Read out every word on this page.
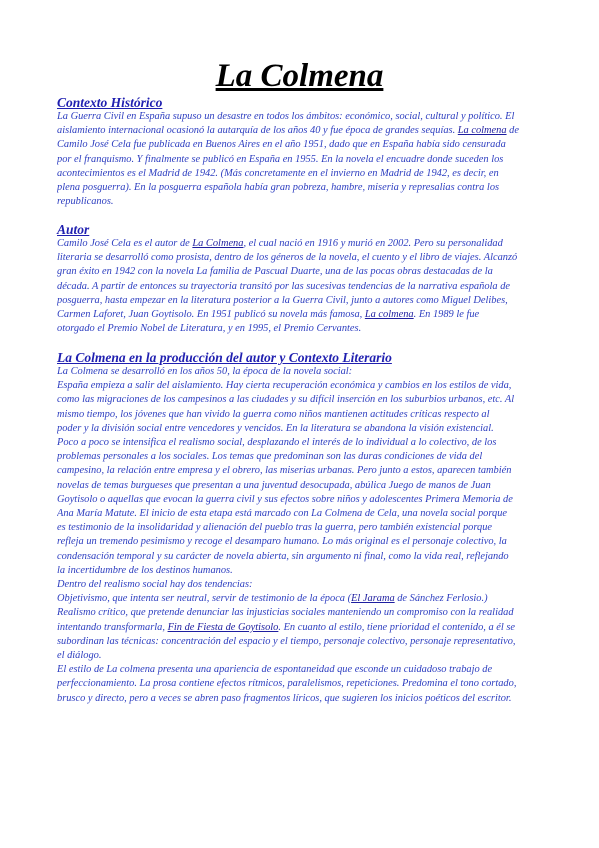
La Colmena
Contexto Histórico
La Guerra Civil en España supuso un desastre en todos los ámbitos: económico, social, cultural y político. El
aislamiento internacional ocasionó la autarquía de los años 40 y fue época de grandes sequías. La colmena de
Camilo José Cela fue publicada en Buenos Aires en el año 1951, dado que en España había sido censurada
por el franquismo. Y finalmente se publicó en España en 1955. En la novela el encuadre donde suceden los
acontecimientos es el Madrid de 1942. (Más concretamente en el invierno en Madrid de 1942, es decir, en
plena posguerra). En la posguerra española había gran pobreza, hambre, miseria y represalias contra los
republicanos.
Autor
Camilo José Cela es el autor de La Colmena, el cual nació en 1916 y murió en 2002. Pero su personalidad
literaria se desarrolló como prosista, dentro de los géneros de la novela, el cuento y el libro de viajes. Alcanzó
gran éxito en 1942 con la novela La familia de Pascual Duarte, una de las pocas obras destacadas de la
década. A partir de entonces su trayectoria transitó por las sucesivas tendencias de la narrativa española de
posguerra, hasta empezar en la literatura posterior a la Guerra Civil, junto a autores como Miguel Delibes,
Carmen Laforet, Juan Goytisolo. En 1951 publicó su novela más famosa, La colmena. En 1989 le fue
otorgado el Premio Nobel de Literatura, y en 1995, el Premio Cervantes.
La Colmena en la producción del autor y Contexto Literario
La Colmena se desarrolló en los años 50, la época de la novela social:
España empieza a salir del aislamiento. Hay cierta recuperación económica y cambios en los estilos de vida,
como las migraciones de los campesinos a las ciudades y su difícil inserción en los suburbios urbanos, etc. Al
mismo tiempo, los jóvenes que han vivido la guerra como niños mantienen actitudes críticas respecto al
poder y la división social entre vencedores y vencidos. En la literatura se abandona la visión existencial.
Poco a poco se intensifica el realismo social, desplazando el interés de lo individual a lo colectivo, de los
problemas personales a los sociales. Los temas que predominan son las duras condiciones de vida del
campesino, la relación entre empresa y el obrero, las miserias urbanas. Pero junto a estos, aparecen también
novelas de temas burgueses que presentan a una juventud desocupada, abúlica Juego de manos de Juan
Goytisolo o aquellas que evocan la guerra civil y sus efectos sobre niños y adolescentes Primera Memoria de
Ana María Matute. El inicio de esta etapa está marcado con La Colmena de Cela, una novela social porque
es testimonio de la insolidaridad y alienación del pueblo tras la guerra, pero también existencial porque
refleja un tremendo pesimismo y recoge el desamparo humano. Lo más original es el personaje colectivo, la
condensación temporal y su carácter de novela abierta, sin argumento ni final, como la vida real, reflejando
la incertidumbre de los destinos humanos.
Dentro del realismo social hay dos tendencias:
Objetivismo, que intenta ser neutral, servir de testimonio de la época (El Jarama de Sánchez Ferlosio.)
Realismo crítico, que pretende denunciar las injusticias sociales manteniendo un compromiso con la realidad
intentando transformarla, Fin de Fiesta de Goytisolo. En cuanto al estilo, tiene prioridad el contenido, a él se
subordinan las técnicas: concentración del espacio y el tiempo, personaje colectivo, personaje representativo,
el diálogo.
El estilo de La colmena presenta una apariencia de espontaneidad que esconde un cuidadoso trabajo de
perfeccionamiento. La prosa contiene efectos rítmicos, paralelismos, repeticiones. Predomina el tono cortado,
brusco y directo, pero a veces se abren paso fragmentos líricos, que sugieren los inicios poéticos del escritor.
